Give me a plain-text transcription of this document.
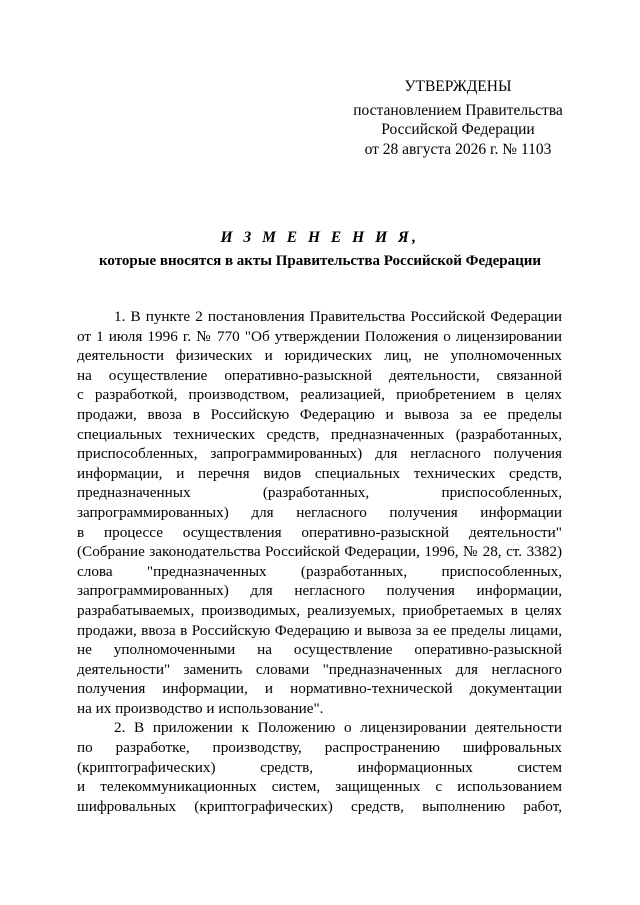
УТВЕРЖДЕНЫ
постановлением Правительства
Российской Федерации
от 28 августа 2026 г. № 1103
И З М Е Н Е Н И Я,
которые вносятся в акты Правительства Российской Федерации
1. В пункте 2 постановления Правительства Российской Федерации
от 1 июля 1996 г. № 770 "Об утверждении Положения о лицензировании
деятельности физических и юридических лиц, не уполномоченных
на осуществление оперативно-разыскной деятельности, связанной
с разработкой, производством, реализацией, приобретением в целях
продажи, ввоза в Российскую Федерацию и вывоза за ее пределы
специальных технических средств, предназначенных (разработанных,
приспособленных, запрограммированных) для негласного получения
информации, и перечня видов специальных технических средств,
предназначенных (разработанных, приспособленных,
запрограммированных) для негласного получения информации
в процессе осуществления оперативно-разыскной деятельности"
(Собрание законодательства Российской Федерации, 1996, № 28, ст. 3382)
слова "предназначенных (разработанных, приспособленных,
запрограммированных) для негласного получения информации,
разрабатываемых, производимых, реализуемых, приобретаемых в целях
продажи, ввоза в Российскую Федерацию и вывоза за ее пределы лицами,
не уполномоченными на осуществление оперативно-разыскной
деятельности" заменить словами "предназначенных для негласного
получения информации, и нормативно-технической документации
на их производство и использование".
2. В приложении к Положению о лицензировании деятельности
по разработке, производству, распространению шифровальных
(криптографических) средств, информационных систем
и телекоммуникационных систем, защищенных с использованием
шифровальных (криптографических) средств, выполнению работ,
